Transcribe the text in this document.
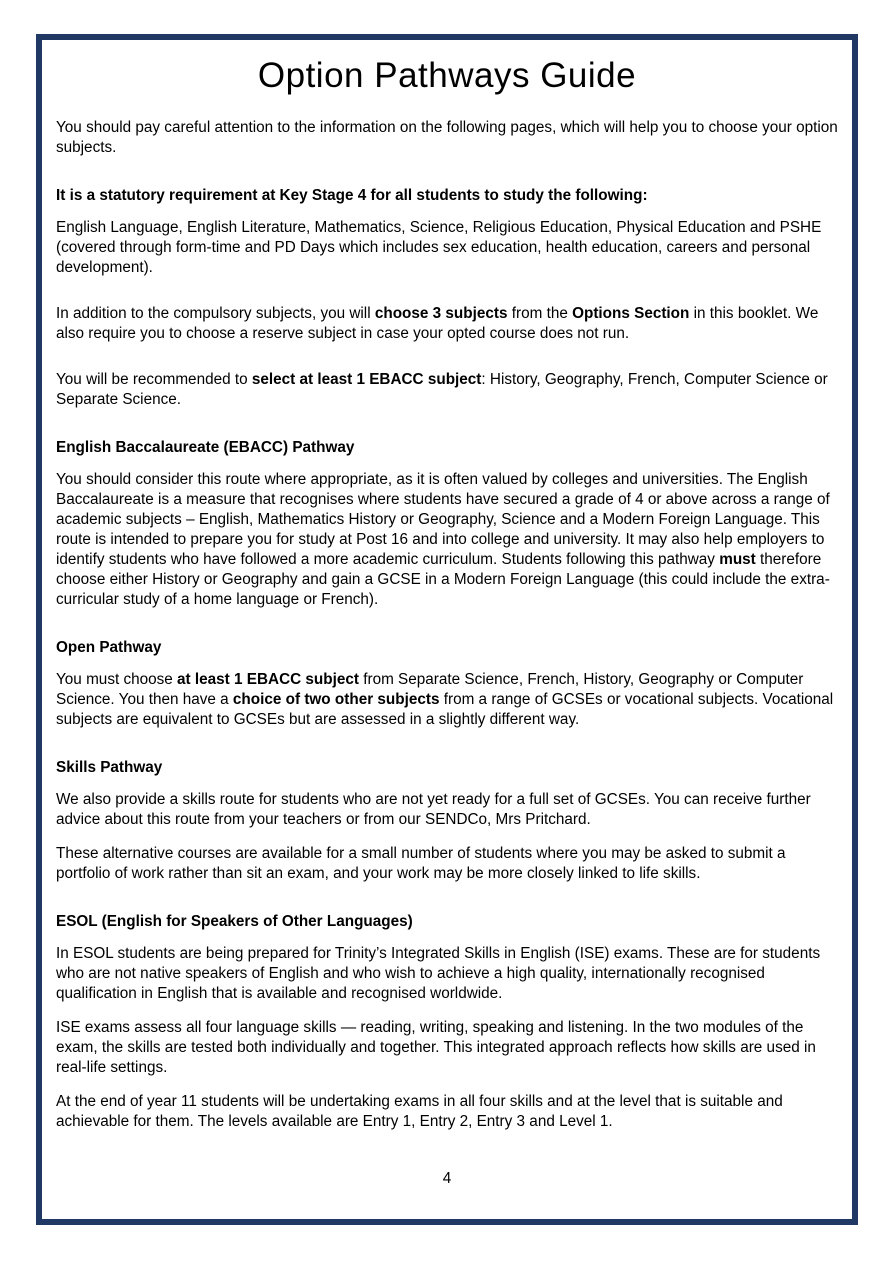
Option Pathways Guide

You should pay careful attention to the information on the following pages, which will help you to choose your option subjects.

It is a statutory requirement at Key Stage 4 for all students to study the following:

English Language, English Literature, Mathematics, Science, Religious Education, Physical Education and PSHE (covered through form-time and PD Days which includes sex education, health education, careers and personal development).

In addition to the compulsory subjects, you will choose 3 subjects from the Options Section in this booklet. We also require you to choose a reserve subject in case your opted course does not run.

You will be recommended to select at least 1 EBACC subject: History, Geography, French, Computer Science or Separate Science.

English Baccalaureate (EBACC) Pathway

You should consider this route where appropriate, as it is often valued by colleges and universities. The English Baccalaureate is a measure that recognises where students have secured a grade of 4 or above across a range of academic subjects – English, Mathematics History or Geography, Science and a Modern Foreign Language. This route is intended to prepare you for study at Post 16 and into college and university. It may also help employers to identify students who have followed a more academic curriculum. Students following this pathway must therefore choose either History or Geography and gain a GCSE in a Modern Foreign Language (this could include the extra-curricular study of a home language or French).

Open Pathway

You must choose at least 1 EBACC subject from Separate Science, French, History, Geography or Computer Science. You then have a choice of two other subjects from a range of GCSEs or vocational subjects. Vocational subjects are equivalent to GCSEs but are assessed in a slightly different way.

Skills Pathway

We also provide a skills route for students who are not yet ready for a full set of GCSEs. You can receive further advice about this route from your teachers or from our SENDCo, Mrs Pritchard.

These alternative courses are available for a small number of students where you may be asked to submit a portfolio of work rather than sit an exam, and your work may be more closely linked to life skills.

ESOL (English for Speakers of Other Languages)

In ESOL students are being prepared for Trinity’s Integrated Skills in English (ISE) exams. These are for students who are not native speakers of English and who wish to achieve a high quality, internationally recognised qualification in English that is available and recognised worldwide.

ISE exams assess all four language skills — reading, writing, speaking and listening. In the two modules of the exam, the skills are tested both individually and together. This integrated approach reflects how skills are used in real-life settings.

At the end of year 11 students will be undertaking exams in all four skills and at the level that is suitable and achievable for them. The levels available are Entry 1, Entry 2, Entry 3 and Level 1.

4
